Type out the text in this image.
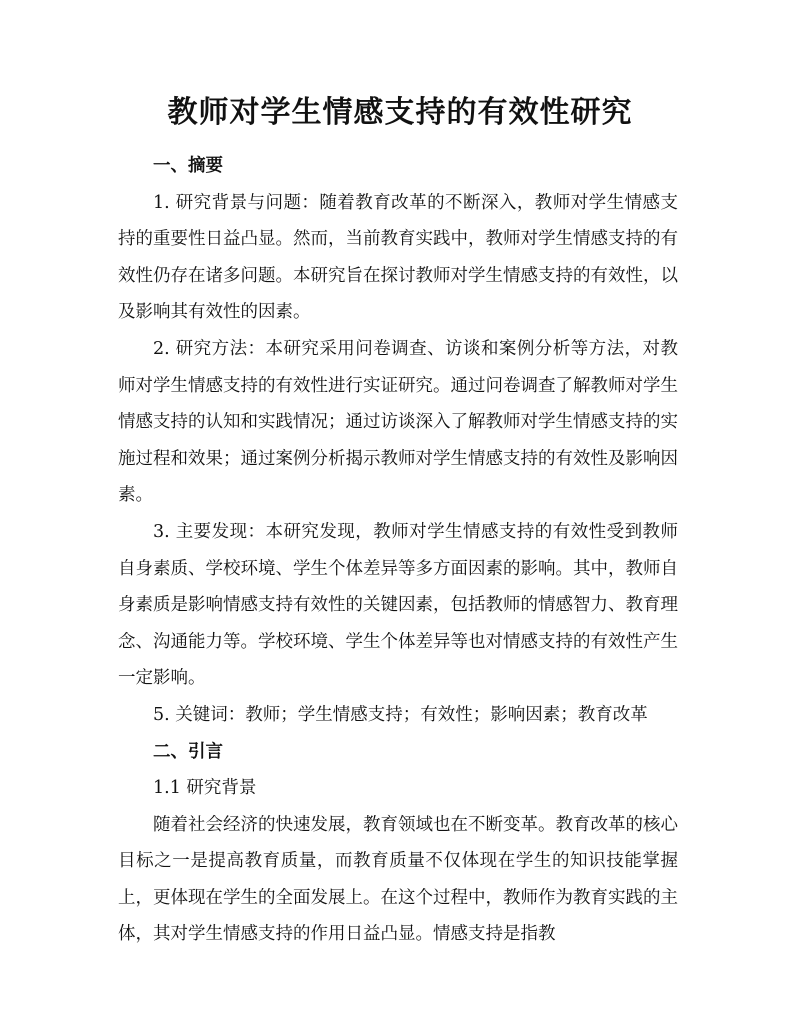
教师对学生情感支持的有效性研究

一、摘要

1. 研究背景与问题：随着教育改革的不断深入，教师对学生情感支持的重要性日益凸显。然而，当前教育实践中，教师对学生情感支持的有效性仍存在诸多问题。本研究旨在探讨教师对学生情感支持的有效性，以及影响其有效性的因素。

2. 研究方法：本研究采用问卷调查、访谈和案例分析等方法，对教师对学生情感支持的有效性进行实证研究。通过问卷调查了解教师对学生情感支持的认知和实践情况；通过访谈深入了解教师对学生情感支持的实施过程和效果；通过案例分析揭示教师对学生情感支持的有效性及影响因素。

3. 主要发现：本研究发现，教师对学生情感支持的有效性受到教师自身素质、学校环境、学生个体差异等多方面因素的影响。其中，教师自身素质是影响情感支持有效性的关键因素，包括教师的情感智力、教育理念、沟通能力等。学校环境、学生个体差异等也对情感支持的有效性产生一定影响。

5. 关键词：教师；学生情感支持；有效性；影响因素；教育改革

二、引言

1.1 研究背景

随着社会经济的快速发展，教育领域也在不断变革。教育改革的核心目标之一是提高教育质量，而教育质量不仅体现在学生的知识技能掌握上，更体现在学生的全面发展上。在这个过程中，教师作为教育实践的主体，其对学生情感支持的作用日益凸显。情感支持是指教
